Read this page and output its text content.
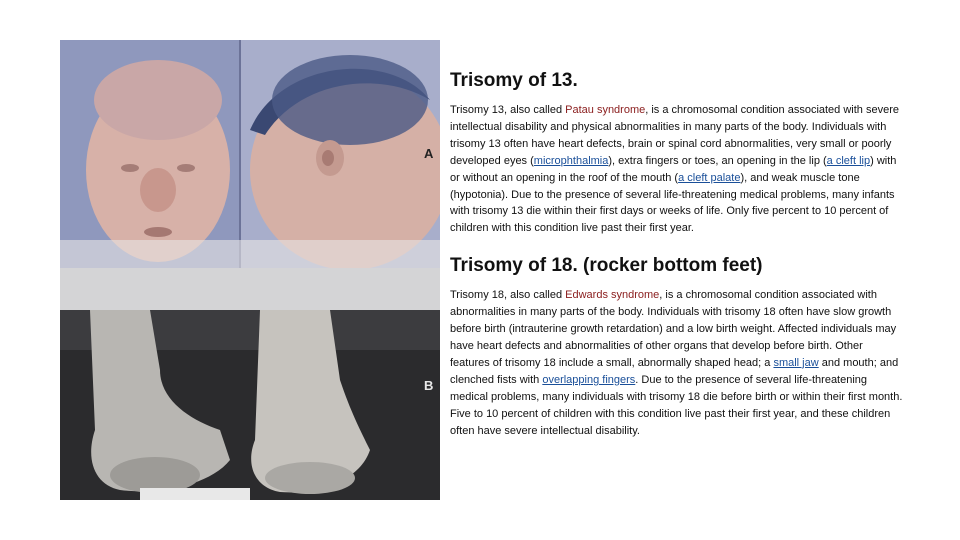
A
B
Trisomy of 13.

Trisomy 13, also called Patau syndrome, is a chromosomal condition associated with severe intellectual disability and physical abnormalities in many parts of the body. Individuals with trisomy 13 often have heart defects, brain or spinal cord abnormalities, very small or poorly developed eyes (microphthalmia), extra fingers or toes, an opening in the lip (a cleft lip) with or without an opening in the roof of the mouth (a cleft palate), and weak muscle tone (hypotonia). Due to the presence of several life-threatening medical problems, many infants with trisomy 13 die within their first days or weeks of life. Only five percent to 10 percent of children with this condition live past their first year.

Trisomy of 18. (rocker bottom feet)

Trisomy 18, also called Edwards syndrome, is a chromosomal condition associated with abnormalities in many parts of the body. Individuals with trisomy 18 often have slow growth before birth (intrauterine growth retardation) and a low birth weight. Affected individuals may have heart defects and abnormalities of other organs that develop before birth. Other features of trisomy 18 include a small, abnormally shaped head; a small jaw and mouth; and clenched fists with overlapping fingers. Due to the presence of several life-threatening medical problems, many individuals with trisomy 18 die before birth or within their first month. Five to 10 percent of children with this condition live past their first year, and these children often have severe intellectual disability.
